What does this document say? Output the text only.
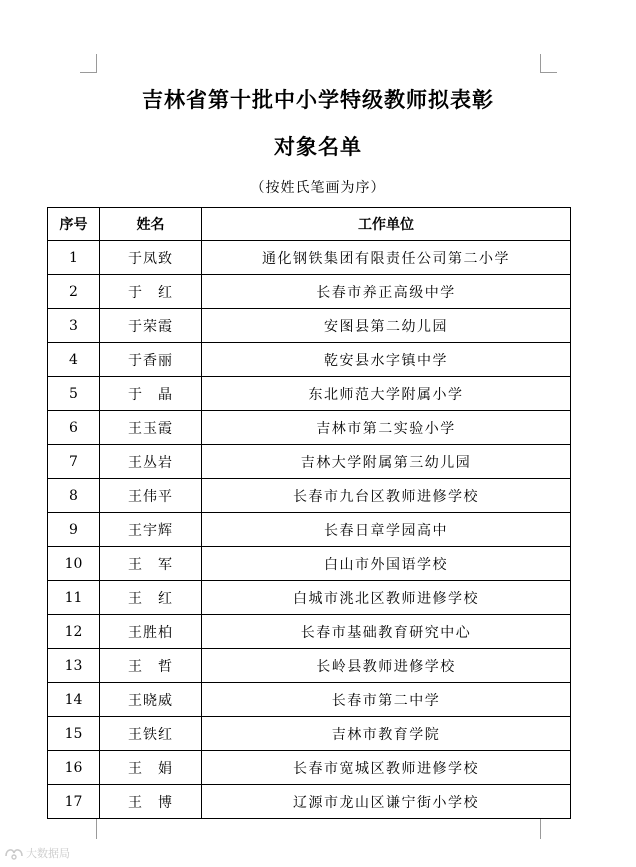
吉林省第十批中小学特级教师拟表彰
对象名单
（按姓氏笔画为序）
序号	姓名	工作单位
1	于凤致	通化钢铁集团有限责任公司第二小学
2	于　红	长春市养正高级中学
3	于荣霞	安图县第二幼儿园
4	于香丽	乾安县水字镇中学
5	于　晶	东北师范大学附属小学
6	王玉霞	吉林市第二实验小学
7	王丛岩	吉林大学附属第三幼儿园
8	王伟平	长春市九台区教师进修学校
9	王宇辉	长春日章学园高中
10	王　军	白山市外国语学校
11	王　红	白城市洮北区教师进修学校
12	王胜柏	长春市基础教育研究中心
13	王　哲	长岭县教师进修学校
14	王晓威	长春市第二中学
15	王铁红	吉林市教育学院
16	王　娟	长春市宽城区教师进修学校
17	王　博	辽源市龙山区谦宁街小学校
大数据局
